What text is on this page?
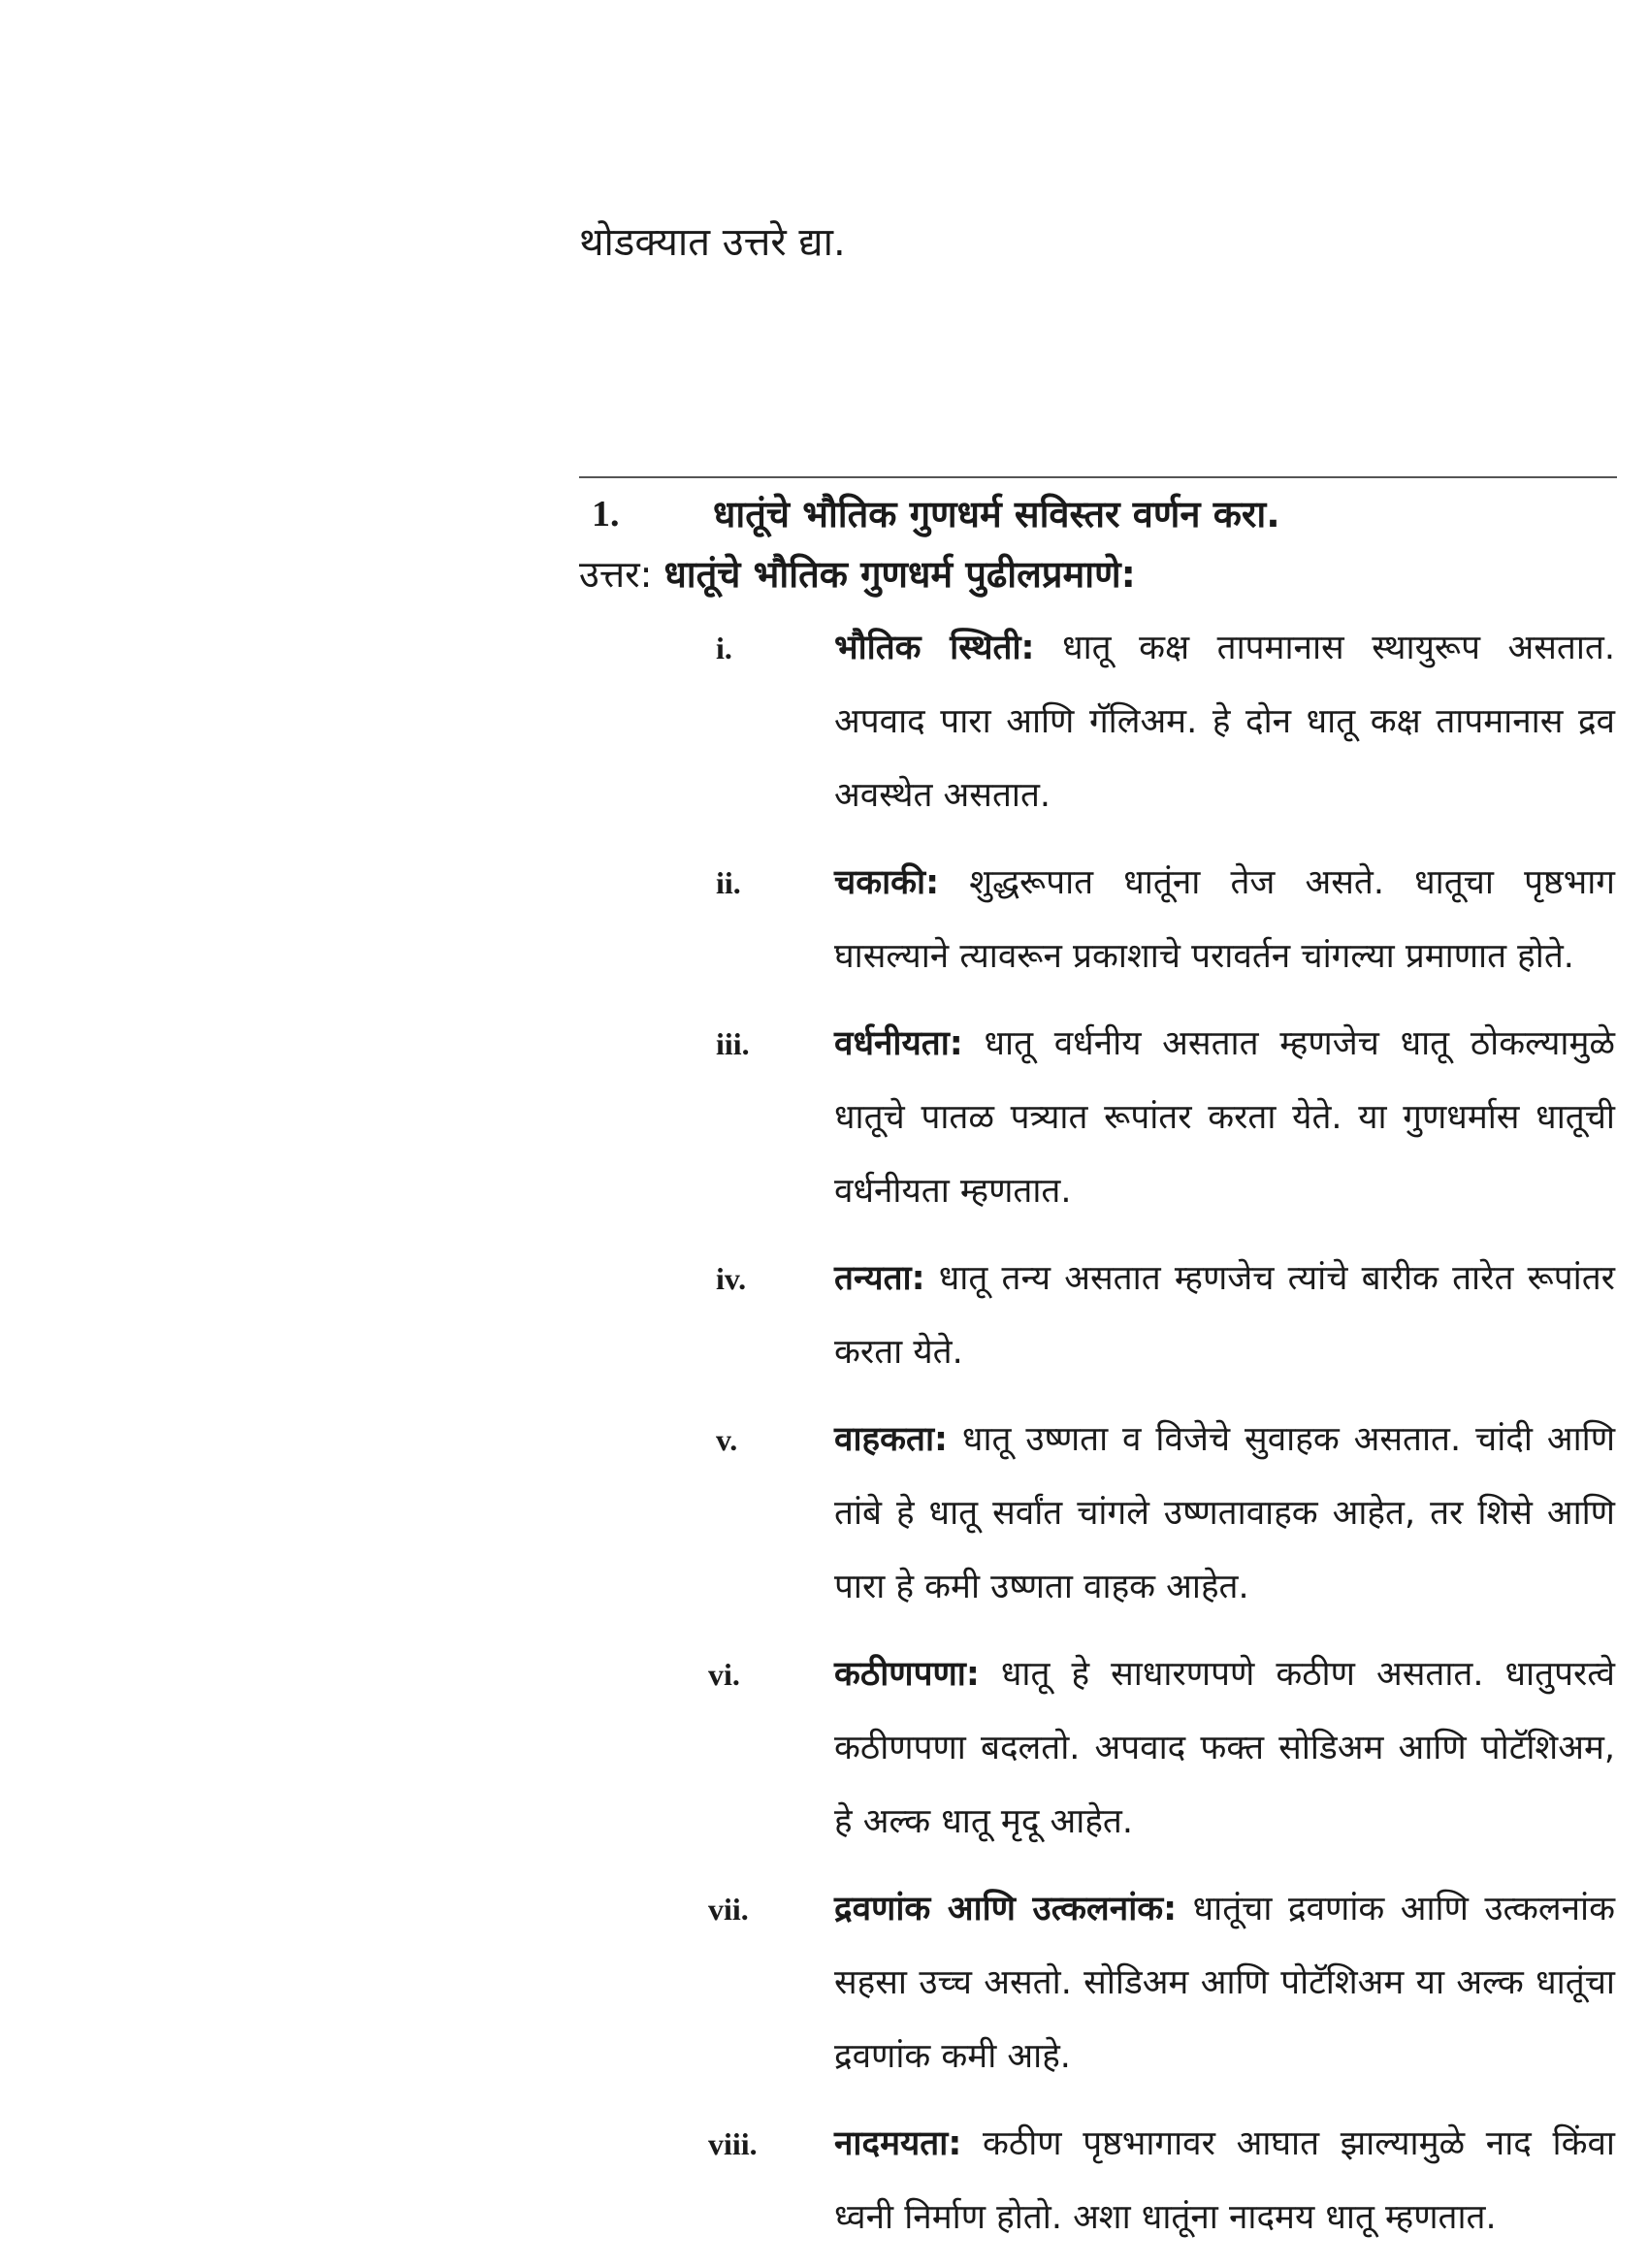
थोडक्यात उत्तरे द्या.
1.	धातूंचे भौतिक गुणधर्म सविस्तर वर्णन करा.
उत्तर: धातूंचे भौतिक गुणधर्म पुढीलप्रमाणे:
i.	भौतिक स्थिती: धातू कक्ष तापमानास स्थायुरूप असतात. अपवाद पारा आणि गॅलिअम. हे दोन धातू कक्ष तापमानास द्रव अवस्थेत असतात.
ii.	चकाकी: शुद्धरूपात धातूंना तेज असते. धातूचा पृष्ठभाग घासल्याने त्यावरून प्रकाशाचे परावर्तन चांगल्या प्रमाणात होते.
iii.	वर्धनीयता: धातू वर्धनीय असतात म्हणजेच धातू ठोकल्यामुळे धातूचे पातळ पत्र्यात रूपांतर करता येते. या गुणधर्मास धातूची वर्धनीयता म्हणतात.
iv.	तन्यता: धातू तन्य असतात म्हणजेच त्यांचे बारीक तारेत रूपांतर करता येते.
v.	वाहकता: धातू उष्णता व विजेचे सुवाहक असतात. चांदी आणि तांबे हे धातू सर्वांत चांगले उष्णतावाहक आहेत, तर शिसे आणि पारा हे कमी उष्णता वाहक आहेत.
vi.	कठीणपणा: धातू हे साधारणपणे कठीण असतात. धातुपरत्वे कठीणपणा बदलतो. अपवाद फक्त सोडिअम आणि पोटॅशिअम, हे अल्क धातू मृदू आहेत.
vii.	द्रवणांक आणि उत्कलनांक: धातूंचा द्रवणांक आणि उत्कलनांक सहसा उच्च असतो. सोडिअम आणि पोटॅशिअम या अल्क धातूंचा द्रवणांक कमी आहे.
viii.	नादमयता: कठीण पृष्ठभागावर आघात झाल्यामुळे नाद किंवा ध्वनी निर्माण होतो. अशा धातूंना नादमय धातू म्हणतात.
